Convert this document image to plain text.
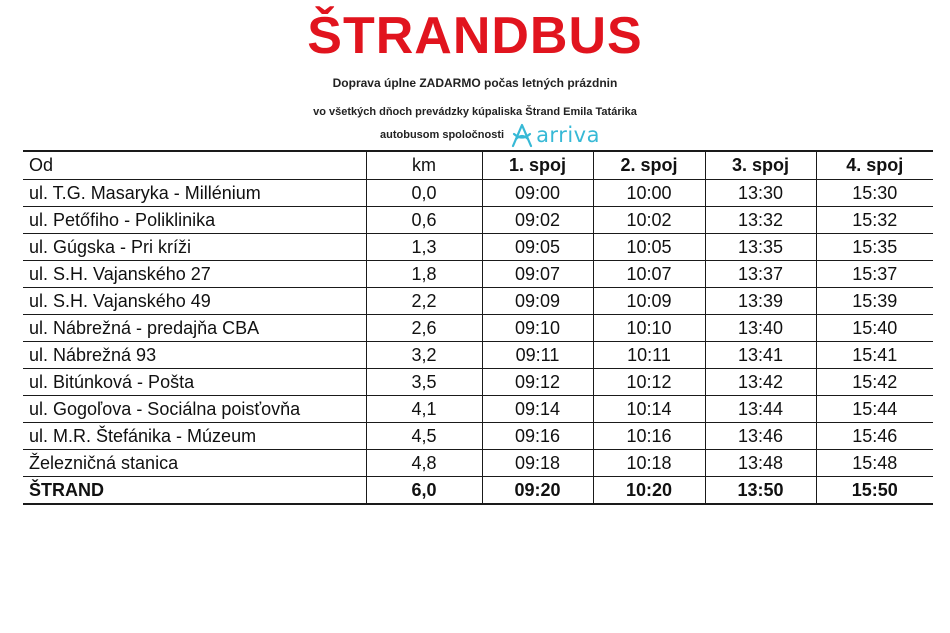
ŠTRANDBUS
Doprava úplne ZADARMO počas letných prázdnin
vo všetkých dňoch prevádzky kúpaliska Štrand Emila Tatárika
autobusom spoločnosti arriva
Od	km	1. spoj	2. spoj	3. spoj	4. spoj
ul. T.G. Masaryka - Millénium	0,0	09:00	10:00	13:30	15:30
ul. Petőfiho - Poliklinika	0,6	09:02	10:02	13:32	15:32
ul. Gúgska - Pri kríži	1,3	09:05	10:05	13:35	15:35
ul. S.H. Vajanského 27	1,8	09:07	10:07	13:37	15:37
ul. S.H. Vajanského 49	2,2	09:09	10:09	13:39	15:39
ul. Nábrežná - predajňa CBA	2,6	09:10	10:10	13:40	15:40
ul. Nábrežná 93	3,2	09:11	10:11	13:41	15:41
ul. Bitúnková - Pošta	3,5	09:12	10:12	13:42	15:42
ul. Gogoľova - Sociálna poisťovňa	4,1	09:14	10:14	13:44	15:44
ul. M.R. Štefánika - Múzeum	4,5	09:16	10:16	13:46	15:46
Železničná stanica	4,8	09:18	10:18	13:48	15:48
ŠTRAND	6,0	09:20	10:20	13:50	15:50
